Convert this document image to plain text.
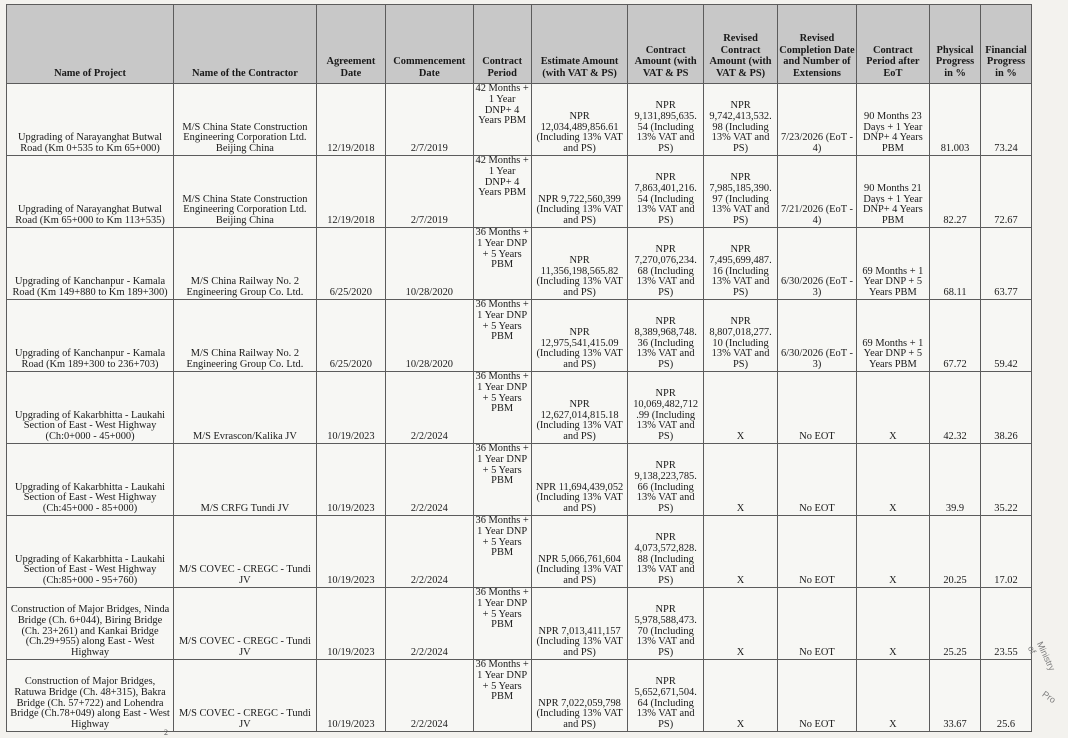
Name of Project	Name of the Contractor	Agreement Date	Commencement Date	Contract Period	Estimate Amount (with VAT & PS)	Contract Amount (with VAT & PS	Revised Contract Amount (with VAT & PS)	Revised Completion Date and Number of Extensions	Contract Period after EoT	Physical Progress in %	Financial Progress in %
Upgrading of Narayanghat Butwal Road (Km 0+535 to Km 65+000)	M/S China State Construction Engineering Corporation Ltd. Beijing China	12/19/2018	2/7/2019	42 Months + 1 Year DNP+ 4 Years PBM	NPR 12,034,489,856.61 (Including 13% VAT and PS)	NPR 9,131,895,635. 54 (Including 13% VAT and PS)	NPR 9,742,413,532. 98 (Including 13% VAT and PS)	7/23/2026 (EoT - 4)	90 Months 23 Days + 1 Year DNP+ 4 Years PBM	81.003	73.24
Upgrading of Narayanghat Butwal Road (Km 65+000 to Km 113+535)	M/S China State Construction Engineering Corporation Ltd. Beijing China	12/19/2018	2/7/2019	42 Months + 1 Year DNP+ 4 Years PBM	NPR 9,722,560,399 (Including 13% VAT and PS)	NPR 7,863,401,216. 54 (Including 13% VAT and PS)	NPR 7,985,185,390. 97 (Including 13% VAT and PS)	7/21/2026 (EoT - 4)	90 Months 21 Days + 1 Year DNP+ 4 Years PBM	82.27	72.67
Upgrading of Kanchanpur - Kamala Road (Km 149+880 to Km 189+300)	M/S China Railway No. 2 Engineering Group Co. Ltd.	6/25/2020	10/28/2020	36 Months + 1 Year DNP + 5 Years PBM	NPR 11,356,198,565.82 (Including 13% VAT and PS)	NPR 7,270,076,234. 68 (Including 13% VAT and PS)	NPR 7,495,699,487. 16 (Including 13% VAT and PS)	6/30/2026 (EoT - 3)	69 Months + 1 Year DNP + 5 Years PBM	68.11	63.77
Upgrading of Kanchanpur - Kamala Road (Km 189+300 to 236+703)	M/S China Railway No. 2 Engineering Group Co. Ltd.	6/25/2020	10/28/2020	36 Months + 1 Year DNP + 5 Years PBM	NPR 12,975,541,415.09 (Including 13% VAT and PS)	NPR 8,389,968,748. 36 (Including 13% VAT and PS)	NPR 8,807,018,277. 10 (Including 13% VAT and PS)	6/30/2026 (EoT - 3)	69 Months + 1 Year DNP + 5 Years PBM	67.72	59.42
Upgrading of Kakarbhitta - Laukahi Section of East - West Highway (Ch:0+000 - 45+000)	M/S Evrascon/Kalika JV	10/19/2023	2/2/2024	36 Months + 1 Year DNP + 5 Years PBM	NPR 12,627,014,815.18 (Including 13% VAT and PS)	NPR 10,069,482,712 .99 (Including 13% VAT and PS)	X	No EOT	X	42.32	38.26
Upgrading of Kakarbhitta - Laukahi Section of East - West Highway (Ch:45+000 - 85+000)	M/S CRFG Tundi JV	10/19/2023	2/2/2024	36 Months + 1 Year DNP + 5 Years PBM	NPR 11,694,439,052 (Including 13% VAT and PS)	NPR 9,138,223,785. 66 (Including 13% VAT and PS)	X	No EOT	X	39.9	35.22
Upgrading of Kakarbhitta - Laukahi Section of East - West Highway (Ch:85+000 - 95+760)	M/S COVEC - CREGC - Tundi JV	10/19/2023	2/2/2024	36 Months + 1 Year DNP + 5 Years PBM	NPR 5,066,761,604 (Including 13% VAT and PS)	NPR 4,073,572,828. 88 (Including 13% VAT and PS)	X	No EOT	X	20.25	17.02
Construction of Major Bridges, Ninda Bridge (Ch. 6+044), Biring Bridge (Ch. 23+261) and Kankai Bridge (Ch.29+955) along East - West Highway	M/S COVEC - CREGC - Tundi JV	10/19/2023	2/2/2024	36 Months + 1 Year DNP + 5 Years PBM	NPR 7,013,411,157 (Including 13% VAT and PS)	NPR 5,978,588,473. 70 (Including 13% VAT and PS)	X	No EOT	X	25.25	23.55
Construction of Major Bridges, Ratuwa Bridge (Ch. 48+315), Bakra Bridge (Ch. 57+722) and Lohendra Bridge (Ch.78+049) along East - West Highway	M/S COVEC - CREGC - Tundi JV	10/19/2023	2/2/2024	36 Months + 1 Year DNP + 5 Years PBM	NPR 7,022,059,798 (Including 13% VAT and PS)	NPR 5,652,671,504. 64 (Including 13% VAT and PS)	X	No EOT	X	33.67	25.6
Ministry of
Pro
2
